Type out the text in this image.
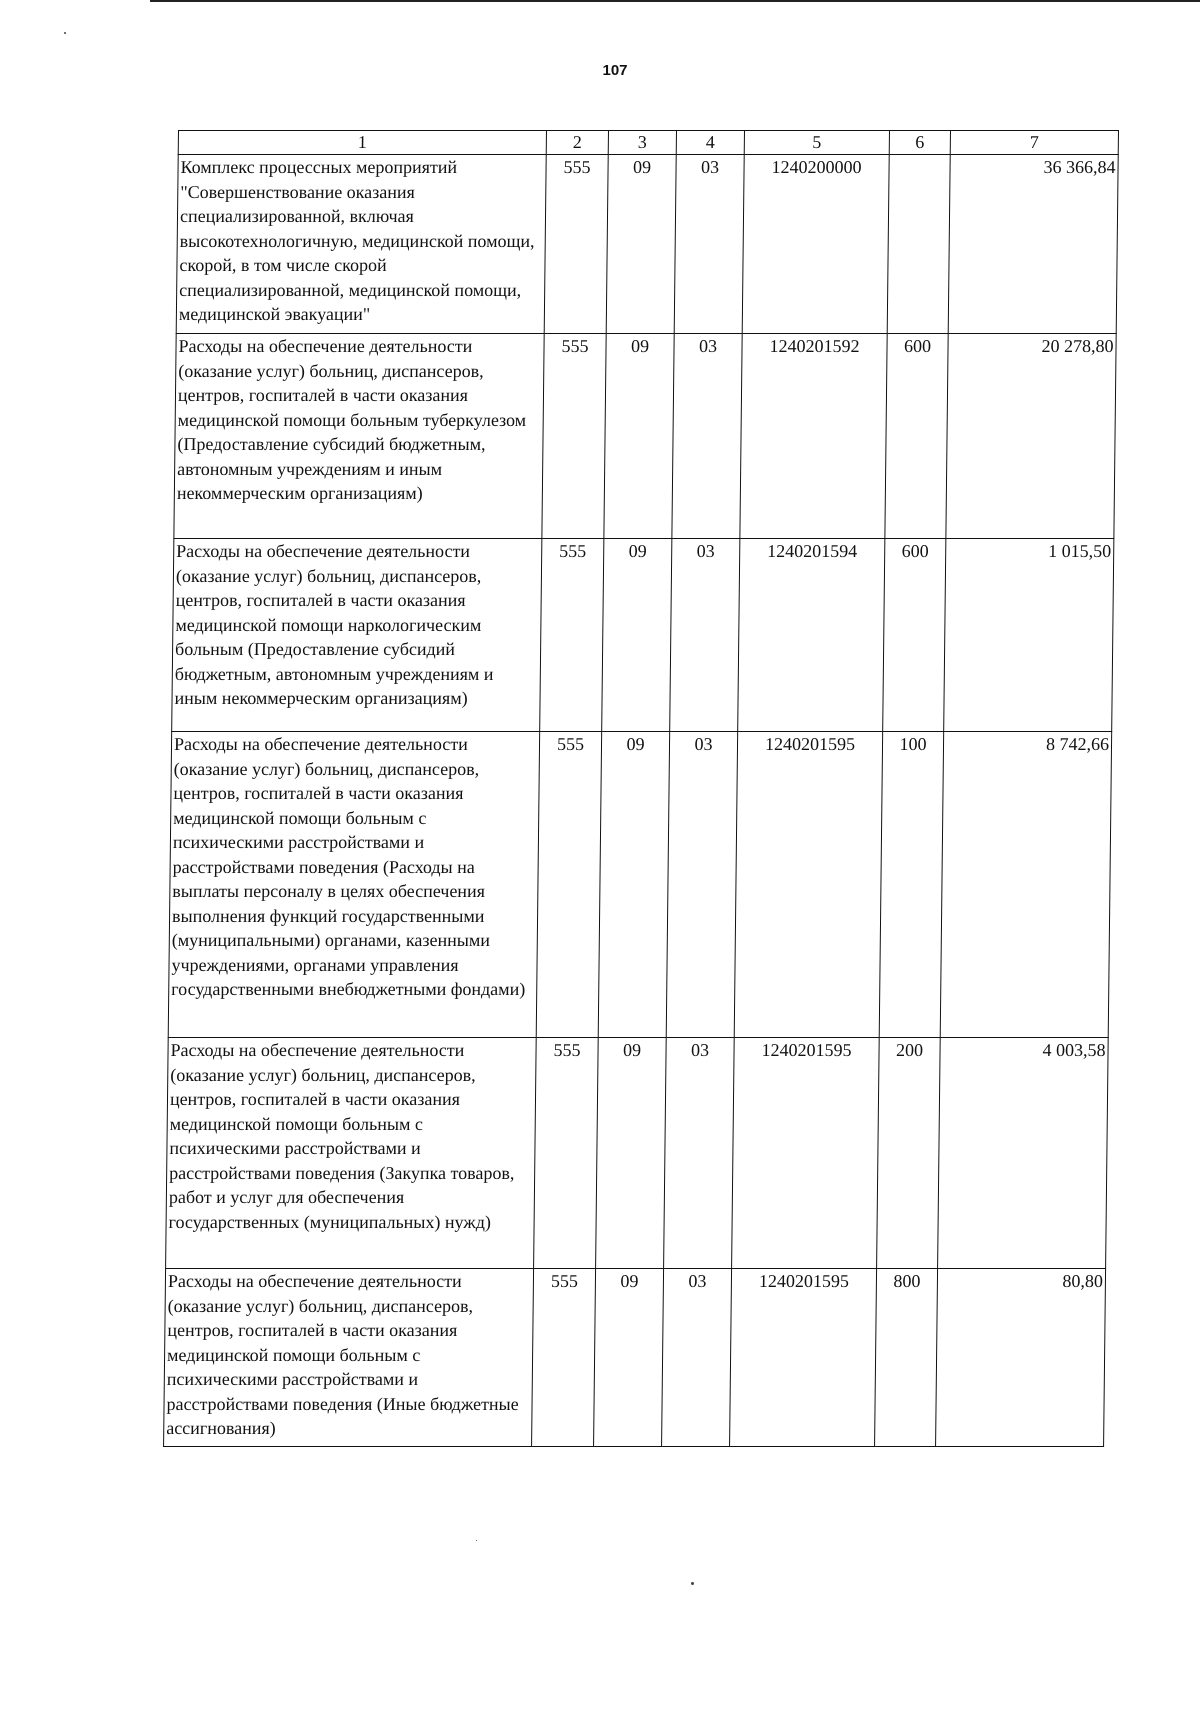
107
1	2	3	4	5	6	7
Комплекс процессных мероприятий "Совершенствование оказания специализированной, включая высокотехнологичную, медицинской помощи, скорой, в том числе скорой специализированной, медицинской помощи, медицинской эвакуации"	555	09	03	1240200000		36 366,84
Расходы на обеспечение деятельности (оказание услуг) больниц, диспансеров, центров, госпиталей в части оказания медицинской помощи больным туберкулезом (Предоставление субсидий бюджетным, автономным учреждениям и иным некоммерческим организациям)	555	09	03	1240201592	600	20 278,80
Расходы на обеспечение деятельности (оказание услуг) больниц, диспансеров, центров, госпиталей в части оказания медицинской помощи наркологическим больным (Предоставление субсидий бюджетным, автономным учреждениям и иным некоммерческим организациям)	555	09	03	1240201594	600	1 015,50
Расходы на обеспечение деятельности (оказание услуг) больниц, диспансеров, центров, госпиталей в части оказания медицинской помощи больным с психическими расстройствами и расстройствами поведения (Расходы на выплаты персоналу в целях обеспечения выполнения функций государственными (муниципальными) органами, казенными учреждениями, органами управления государственными внебюджетными фондами)	555	09	03	1240201595	100	8 742,66
Расходы на обеспечение деятельности (оказание услуг) больниц, диспансеров, центров, госпиталей в части оказания медицинской помощи больным с психическими расстройствами и расстройствами поведения (Закупка товаров, работ и услуг для обеспечения государственных (муниципальных) нужд)	555	09	03	1240201595	200	4 003,58
Расходы на обеспечение деятельности (оказание услуг) больниц, диспансеров, центров, госпиталей в части оказания медицинской помощи больным с психическими расстройствами и расстройствами поведения (Иные бюджетные ассигнования)	555	09	03	1240201595	800	80,80
